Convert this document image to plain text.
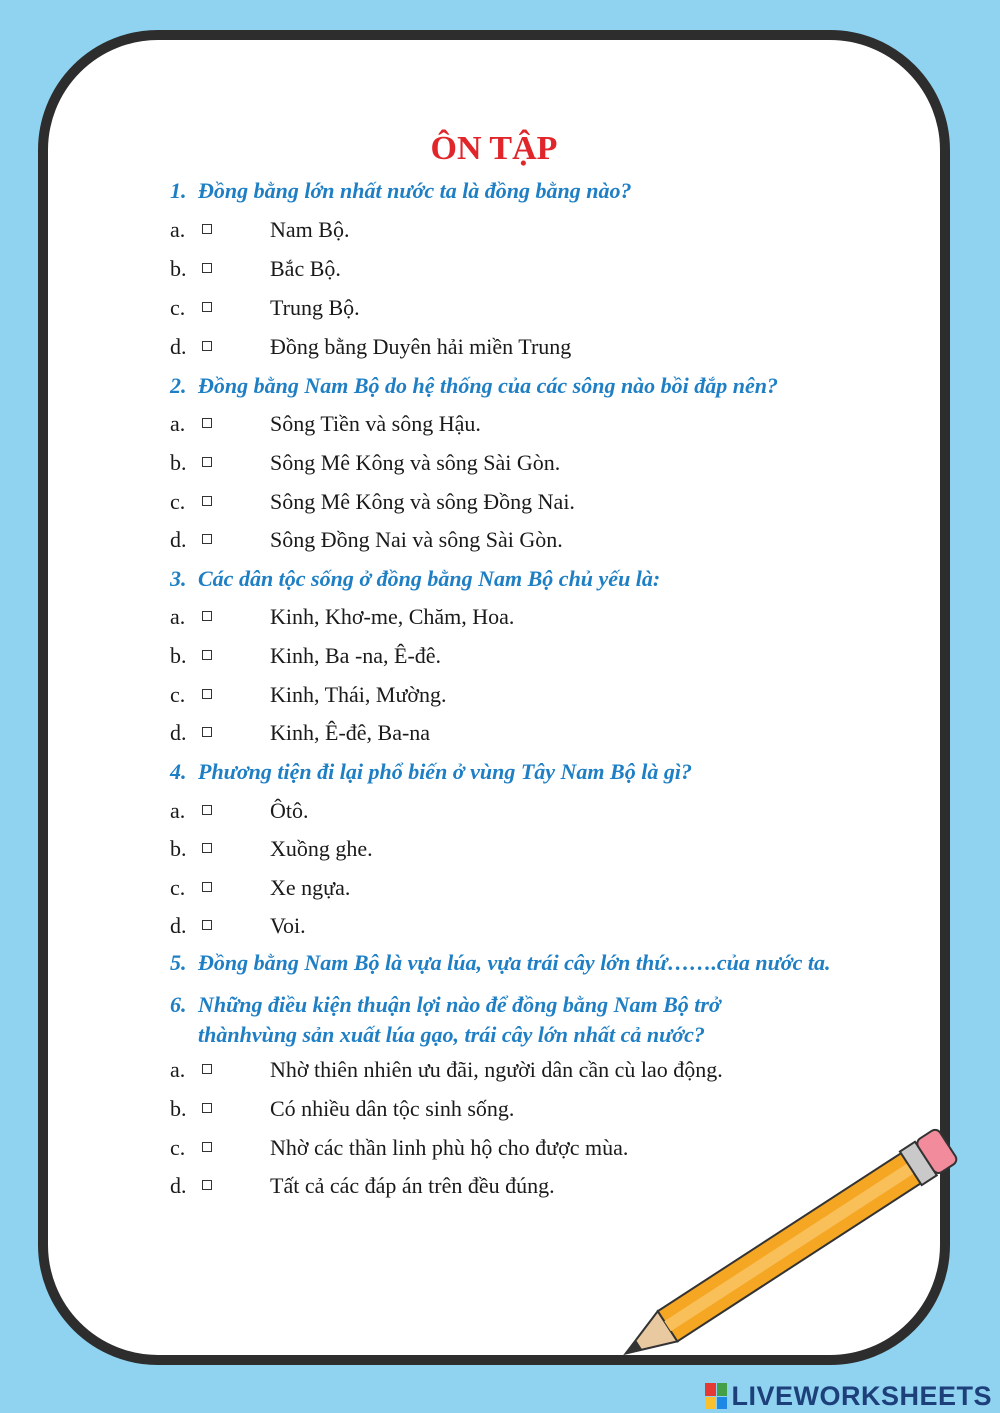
ÔN TẬP
1. Đồng bằng lớn nhất nước ta là đồng bằng nào?
a.	Nam Bộ.
b.	Bắc Bộ.
c.	Trung Bộ.
d.	Đồng bằng Duyên hải miền Trung
2. Đồng bằng Nam Bộ do hệ thống của các sông nào bồi đắp nên?
a.	Sông Tiền và sông Hậu.
b.	Sông Mê Kông và sông Sài Gòn.
c.	Sông Mê Kông và sông Đồng Nai.
d.	Sông Đồng Nai và sông Sài Gòn.
3. Các dân tộc sống ở đồng bằng Nam Bộ chủ yếu là:
a.	Kinh, Khơ-me, Chăm, Hoa.
b.	Kinh, Ba -na, Ê-đê.
c.	Kinh, Thái, Mường.
d.	Kinh, Ê-đê, Ba-na
4. Phương tiện đi lại phổ biến ở vùng Tây Nam Bộ là gì?
a.	Ôtô.
b.	Xuồng ghe.
c.	Xe ngựa.
d.	Voi.
5. Đồng bằng Nam Bộ là vựa lúa, vựa trái cây lớn thứ…….của nước ta.
6. Những điều kiện thuận lợi nào để đồng bằng Nam Bộ trở
thànhvùng sản xuất lúa gạo, trái cây lớn nhất cả nước?
a.	Nhờ thiên nhiên ưu đãi, người dân cần cù lao động.
b.	Có nhiều dân tộc sinh sống.
c.	Nhờ các thần linh phù hộ cho được mùa.
d.	Tất cả các đáp án trên đều đúng.
LIVEWORKSHEETS
